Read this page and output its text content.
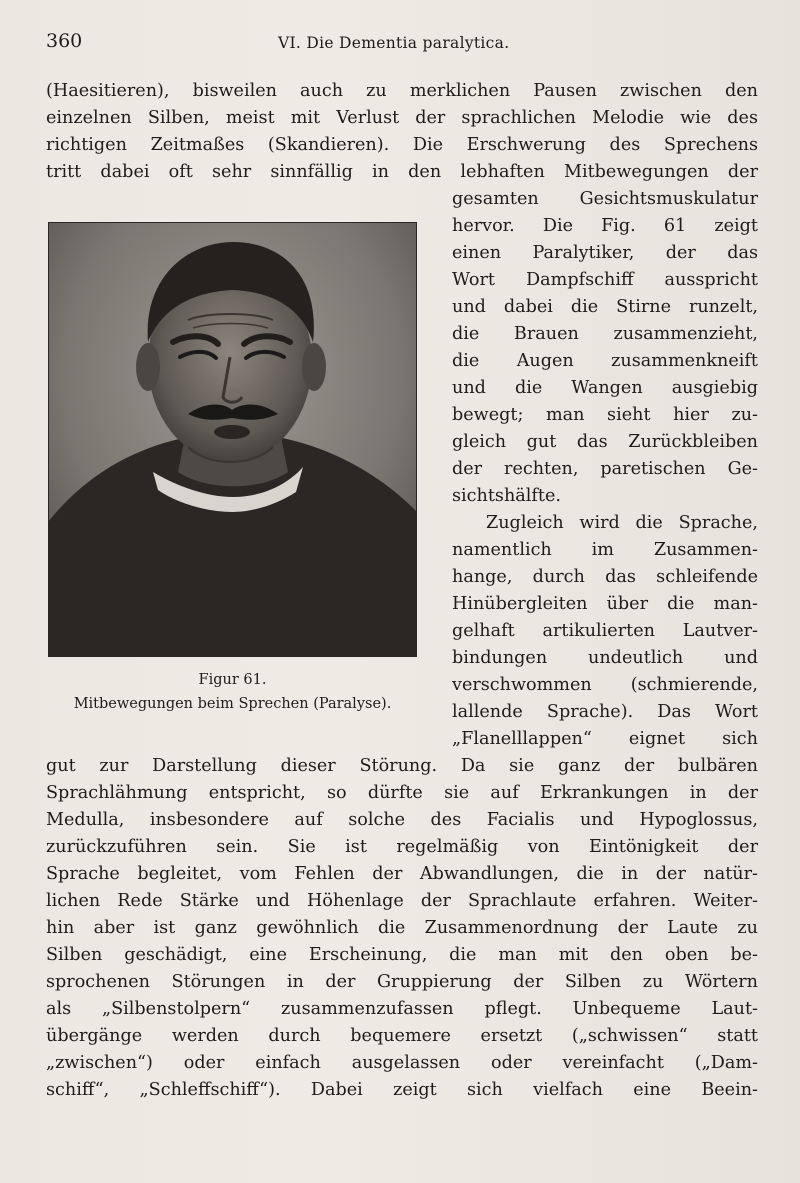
360	VI. Die Dementia paralytica.
(Haesitieren), bisweilen auch zu merklichen Pausen zwischen den
einzelnen Silben, meist mit Verlust der sprachlichen Melodie wie des
richtigen Zeitmaßes (Skandieren). Die Erschwerung des Sprechens
tritt dabei oft sehr sinnfällig in den lebhaften Mitbewegungen der
gesamten Gesichtsmuskulatur
hervor. Die Fig. 61 zeigt
einen Paralytiker, der das
Wort Dampfschiff ausspricht
und dabei die Stirne runzelt,
die Brauen zusammenzieht,
die Augen zusammenkneift
und die Wangen ausgiebig
bewegt; man sieht hier zu-
gleich gut das Zurückbleiben
der rechten, paretischen Ge-
sichtshälfte.
Zugleich wird die Sprache,
namentlich im Zusammen-
hange, durch das schleifende
Hinübergleiten über die man-
gelhaft artikulierten Lautver-
bindungen undeutlich und
verschwommen (schmierende,
lallende Sprache). Das Wort
„Flanelllappen“ eignet sich
Figur 61.
Mitbewegungen beim Sprechen (Paralyse).
gut zur Darstellung dieser Störung. Da sie ganz der bulbären
Sprachlähmung entspricht, so dürfte sie auf Erkrankungen in der
Medulla, insbesondere auf solche des Facialis und Hypoglossus,
zurückzuführen sein. Sie ist regelmäßig von Eintönigkeit der
Sprache begleitet, vom Fehlen der Abwandlungen, die in der natür-
lichen Rede Stärke und Höhenlage der Sprachlaute erfahren. Weiter-
hin aber ist ganz gewöhnlich die Zusammenordnung der Laute zu
Silben geschädigt, eine Erscheinung, die man mit den oben be-
sprochenen Störungen in der Gruppierung der Silben zu Wörtern
als „Silbenstolpern“ zusammenzufassen pflegt. Unbequeme Laut-
übergänge werden durch bequemere ersetzt („schwissen“ statt
„zwischen“) oder einfach ausgelassen oder vereinfacht („Dam-
schiff“, „Schleffschiff“). Dabei zeigt sich vielfach eine Beein-
